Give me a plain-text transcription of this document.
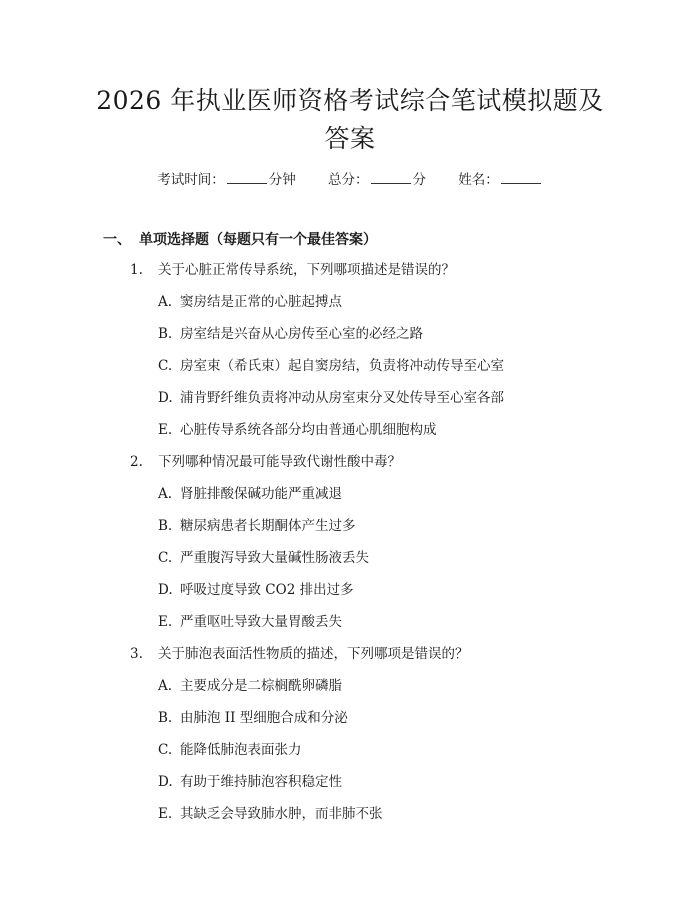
2026 年执业医师资格考试综合笔试模拟题及
答案
考试时间：	分钟 总分：	分 姓名：
一、 单项选择题（每题只有一个最佳答案）
1. 关于心脏正常传导系统，下列哪项描述是错误的？
A. 窦房结是正常的心脏起搏点
B. 房室结是兴奋从心房传至心室的必经之路
C. 房室束（希氏束）起自窦房结，负责将冲动传导至心室
D. 浦肯野纤维负责将冲动从房室束分叉处传导至心室各部
E. 心脏传导系统各部分均由普通心肌细胞构成
2. 下列哪种情况最可能导致代谢性酸中毒？
A. 肾脏排酸保碱功能严重减退
B. 糖尿病患者长期酮体产生过多
C. 严重腹泻导致大量碱性肠液丢失
D. 呼吸过度导致 CO2 排出过多
E. 严重呕吐导致大量胃酸丢失
3. 关于肺泡表面活性物质的描述，下列哪项是错误的？
A. 主要成分是二棕榈酰卵磷脂
B. 由肺泡 II 型细胞合成和分泌
C. 能降低肺泡表面张力
D. 有助于维持肺泡容积稳定性
E. 其缺乏会导致肺水肿，而非肺不张
